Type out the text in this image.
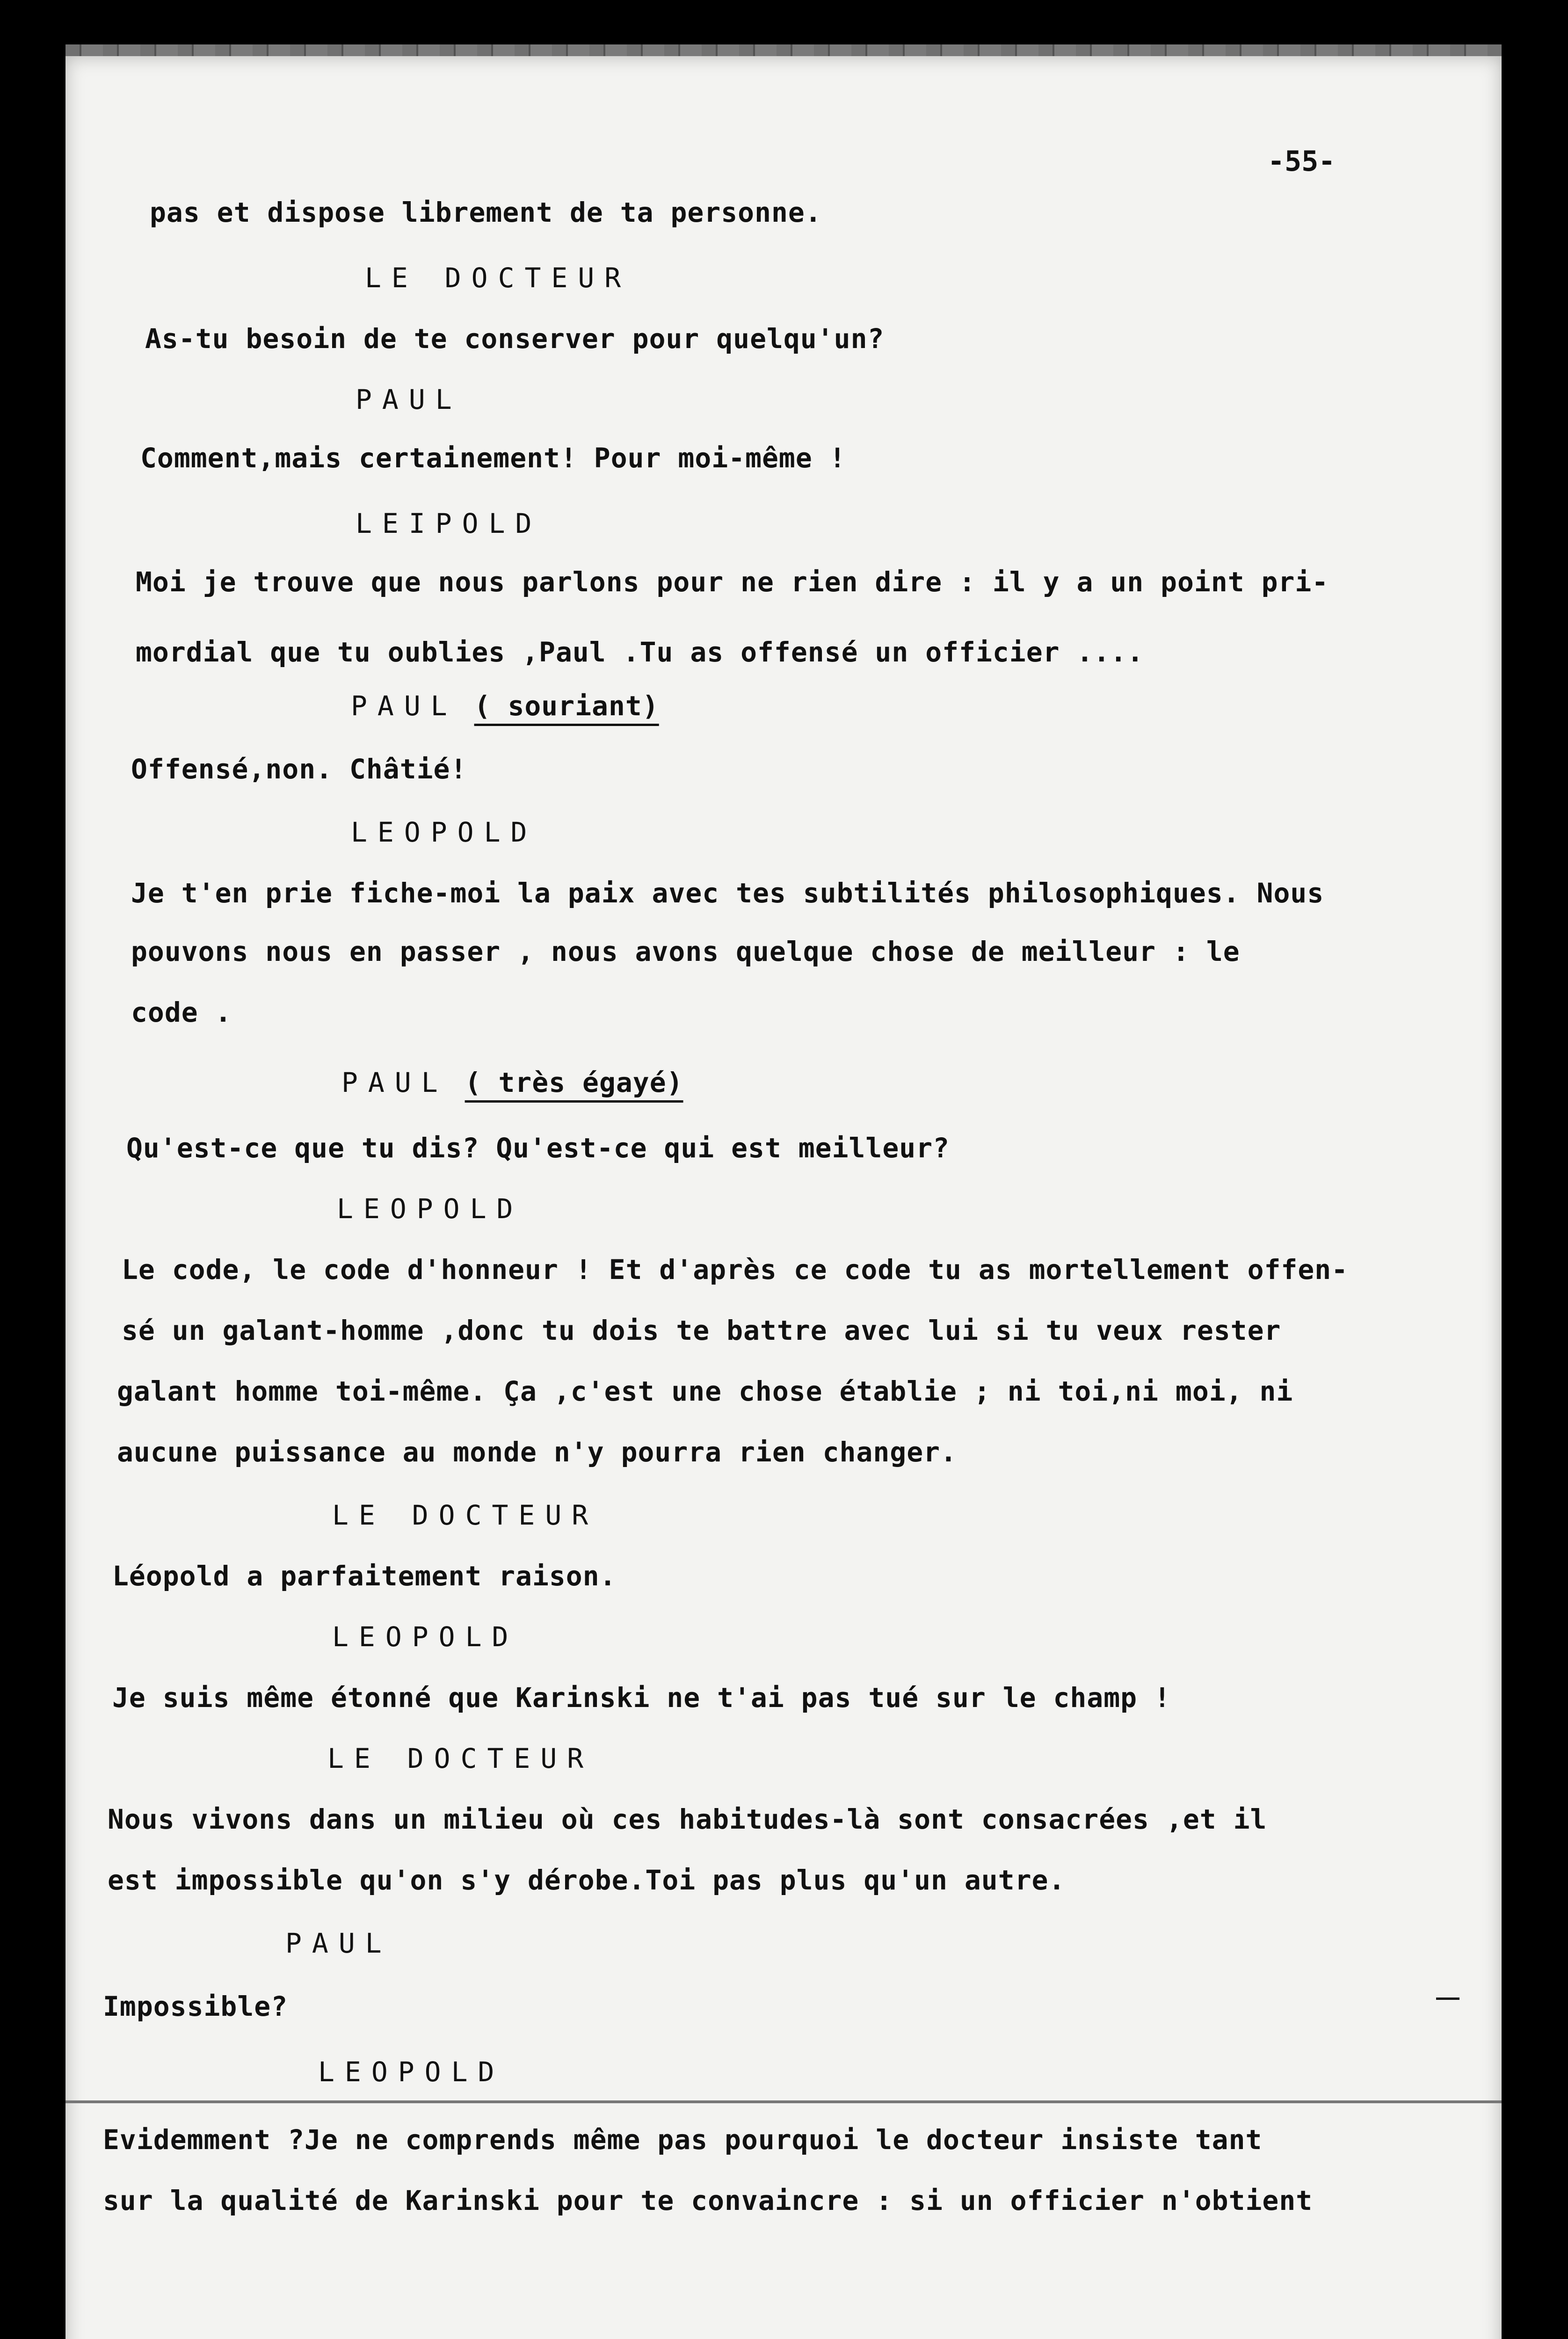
-55-
pas et dispose librement de ta personne.
LE DOCTEUR
As-tu besoin de te conserver pour quelqu'un?
PAUL
Comment,mais certainement! Pour moi-même !
LEIPOLD
Moi je trouve que nous parlons pour ne rien dire : il y a un point pri-
mordial que tu oublies ,Paul .Tu as offensé un officier ....
PAUL ( souriant)
Offensé,non. Châtié!
LEOPOLD
Je t'en prie fiche-moi la paix avec tes subtilités philosophiques. Nous
pouvons nous en passer , nous avons quelque chose de meilleur : le
code .
PAUL ( très égayé)
Qu'est-ce que tu dis? Qu'est-ce qui est meilleur?
LEOPOLD
Le code, le code d'honneur ! Et d'après ce code tu as mortellement offen-
sé un galant-homme ,donc tu dois te battre avec lui si tu veux rester
galant homme toi-même. Ça ,c'est une chose établie ; ni toi,ni moi, ni
aucune puissance au monde n'y pourra rien changer.
LE DOCTEUR
Léopold a parfaitement raison.
LEOPOLD
Je suis même étonné que Karinski ne t'ai pas tué sur le champ !
LE DOCTEUR
Nous vivons dans un milieu où ces habitudes-là sont consacrées ,et il
est impossible qu'on s'y dérobe.Toi pas plus qu'un autre.
PAUL
Impossible?
LEOPOLD
Evidemment ?Je ne comprends même pas pourquoi le docteur insiste tant
sur la qualité de Karinski pour te convaincre : si un officier n'obtient
